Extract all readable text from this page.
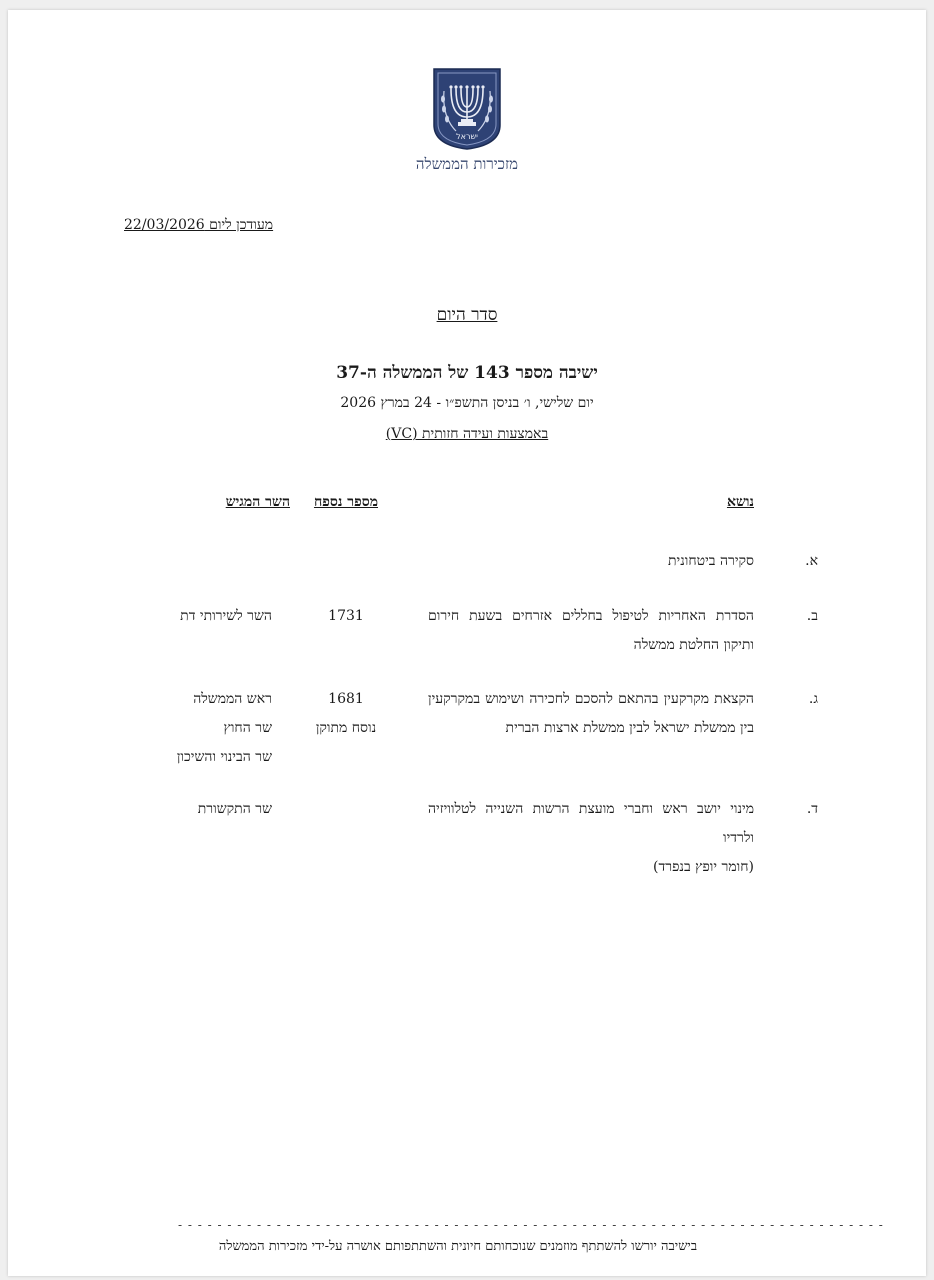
ישראל
מזכירות הממשלה
מעודכן ליום 22/03/2026
סדר היום
ישיבה מספר 143 של הממשלה ה-37
יום שלישי, ו׳ בניסן התשפ״ו - 24 במרץ 2026
באמצעות ועידה חזותית (VC)
נושא
מספר נספח
השר המגיש
א.
סקירה ביטחונית
ב.
הסדרת האחריות לטיפול בחללים אזרחים בשעת חירום ותיקון החלטת ממשלה
1731
השר לשירותי דת
ג.
הקצאת מקרקעין בהתאם להסכם לחכירה ושימוש במקרקעין בין ממשלת ישראל לבין ממשלת ארצות הברית
1681
נוסח מתוקן
ראש הממשלה
שר החוץ
שר הבינוי והשיכון
ד.
מינוי יושב ראש וחברי מועצת הרשות השנייה לטלוויזיה ולרדיו
(חומר יופץ בנפרד)
שר התקשורת
- - - - - - - - - - - - - - - - - - - - - - - - - - - - - - - - - - - - - - - - - - - - - - - - - - - - - - - - - - - - - - - - - - - - - - - -
בישיבה יורשו להשתתף מוזמנים שנוכחותם חיונית והשתתפותם אושרה על-ידי מזכירות הממשלה
